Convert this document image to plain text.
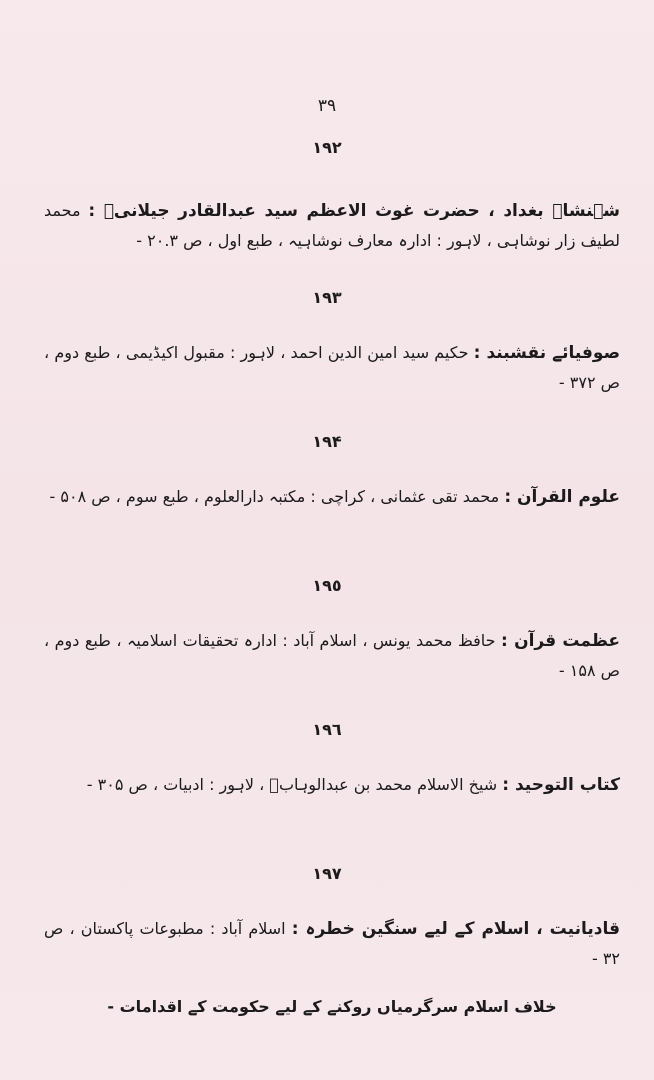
٣٩
١٩٢
شہنشاہ بغداد ، حضرت غوث الاعظم سید عبدالقادر جیلانیؒ : محمد لطیف زار نوشاہی ، لاہور : ادارہ معارف نوشاہیہ ، طبع اول ، ص ۲۰.۳ -
١٩٣
صوفیائے نقشبند : حکیم سید امین الدین احمد ، لاہور : مقبول اکیڈیمی ، طبع دوم ، ص ۳۷۲ -
١٩۴
علوم القرآن : محمد تقی عثمانی ، کراچی : مکتبہ دارالعلوم ، طبع سوم ، ص ۵۰۸ -
١٩٥
عظمت قرآن : حافظ محمد یونس ، اسلام آباد : ادارہ تحقیقات اسلامیہ ، طبع دوم ، ص ۱۵۸ -
١٩٦
کتاب التوحید : شیخ الاسلام محمد بن عبدالوہابؒ ، لاہور : ادبیات ، ص ۳۰۵ -
١٩٧
قادیانیت ، اسلام کے لیے سنگین خطرہ : اسلام آباد : مطبوعات پاکستان ، ص ۳۲ -
خلاف اسلام سرگرمیاں روکنے کے لیے حکومت کے اقدامات -
